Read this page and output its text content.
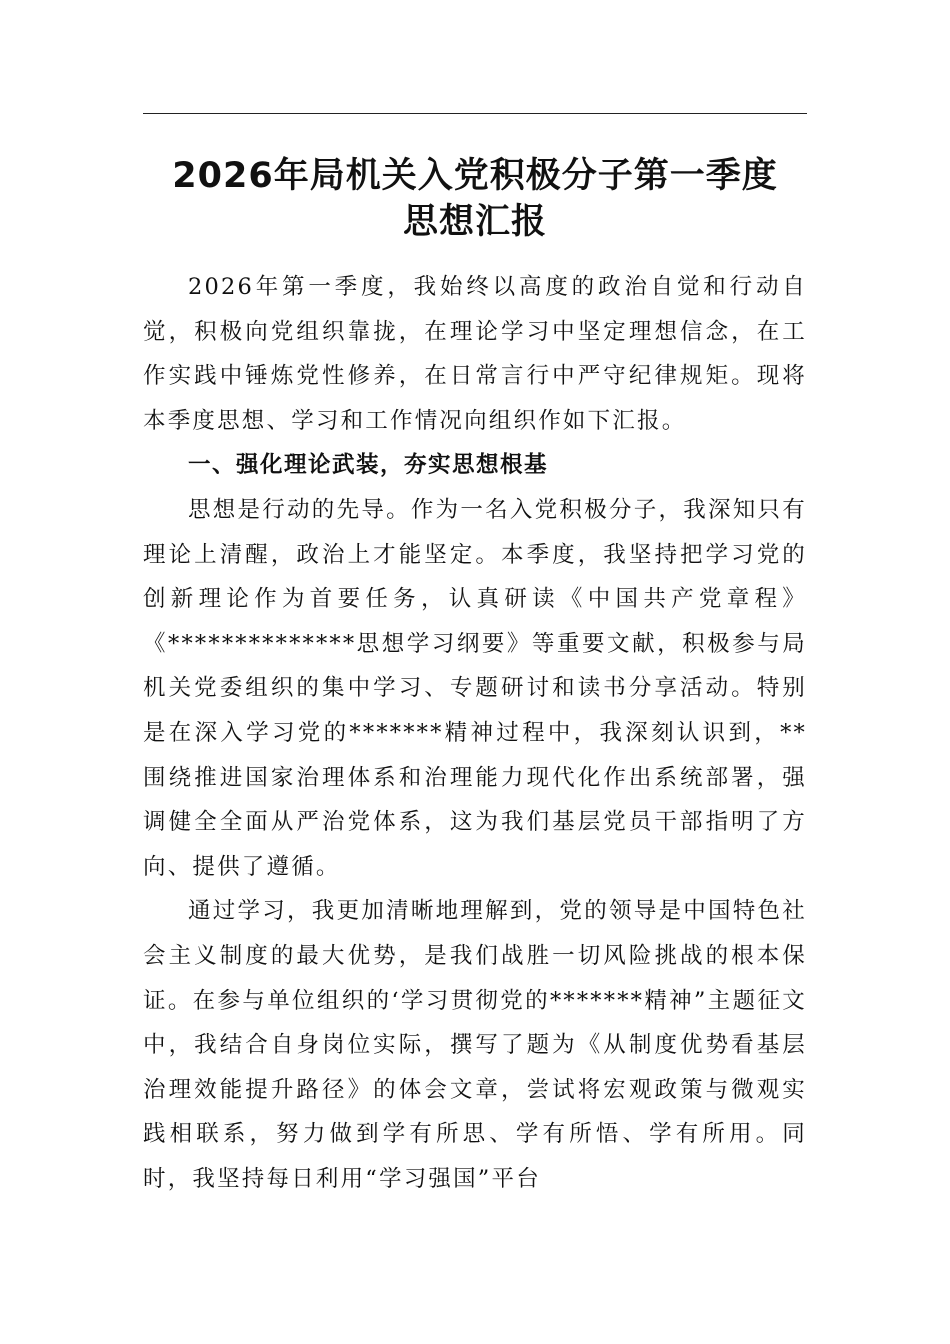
2026年局机关入党积极分子第一季度
思想汇报

2026年第一季度，我始终以高度的政治自觉和行动自觉，积极向党组织靠拢，在理论学习中坚定理想信念，在工作实践中锤炼党性修养，在日常言行中严守纪律规矩。现将本季度思想、学习和工作情况向组织作如下汇报。

一、强化理论武装，夯实思想根基

思想是行动的先导。作为一名入党积极分子，我深知只有理论上清醒，政治上才能坚定。本季度，我坚持把学习党的创新理论作为首要任务，认真研读《中国共产党章程》《**************思想学习纲要》等重要文献，积极参与局机关党委组织的集中学习、专题研讨和读书分享活动。特别是在深入学习党的*******精神过程中，我深刻认识到，**围绕推进国家治理体系和治理能力现代化作出系统部署，强调健全全面从严治党体系，这为我们基层党员干部指明了方向、提供了遵循。

通过学习，我更加清晰地理解到，党的领导是中国特色社会主义制度的最大优势，是我们战胜一切风险挑战的根本保证。在参与单位组织的‘学习贯彻党的*******精神”主题征文中，我结合自身岗位实际，撰写了题为《从制度优势看基层治理效能提升路径》的体会文章，尝试将宏观政策与微观实践相联系，努力做到学有所思、学有所悟、学有所用。同时，我坚持每日利用“学习强国”平台
